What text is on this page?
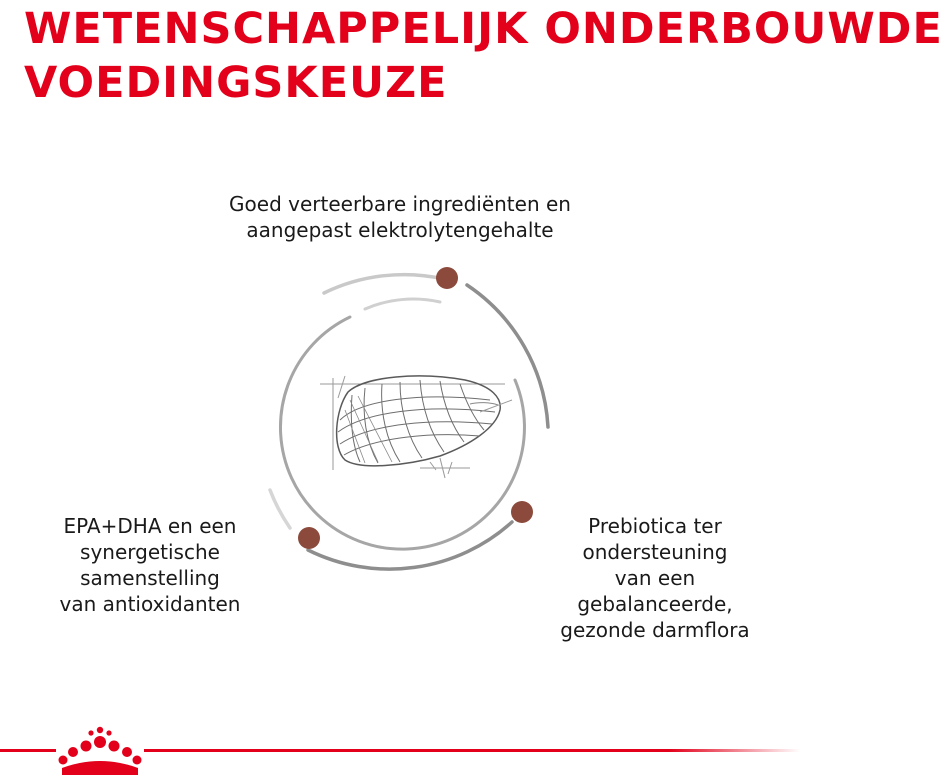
WETENSCHAPPELIJK ONDERBOUWDE
VOEDINGSKEUZE

Goed verteerbare ingrediënten en
aangepast elektrolytengehalte

EPA+DHA en een
synergetische
samenstelling
van antioxidanten

Prebiotica ter
ondersteuning
van een
gebalanceerde,
gezonde darmflora
